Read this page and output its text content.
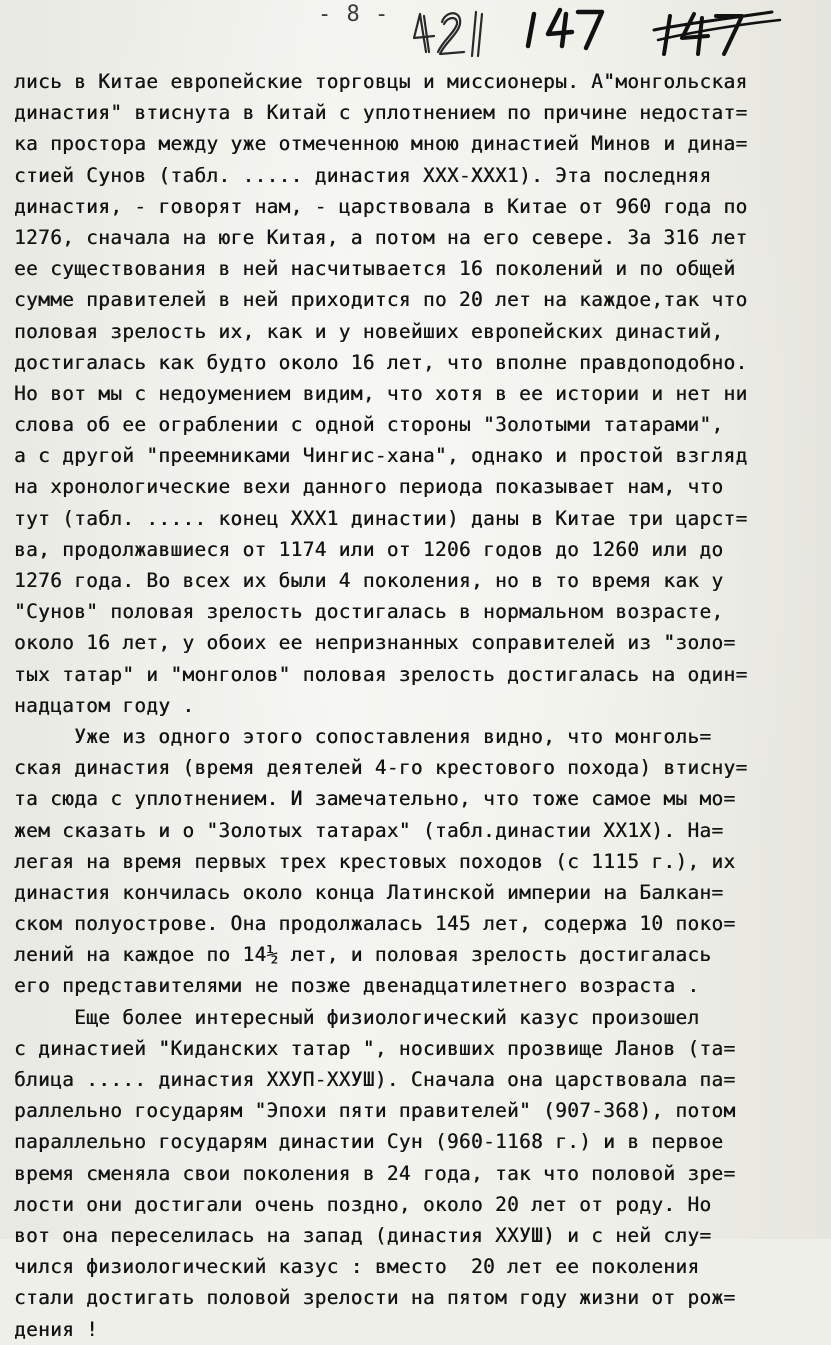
- 8 -
лись в Китае европейские торговцы и миссионеры. А"монгольская
династия" втиснута в Китай с уплотнением по причине недостат=
ка простора между уже отмеченною мною династией Минов и дина=
стией Сунов (табл. ..... династия XXX-XXX1). Эта последняя
династия, - говорят нам, - царствовала в Китае от 960 года по
1276, сначала на юге Китая, а потом на его севере. За 316 лет
ее существования в ней насчитывается 16 поколений и по общей
сумме правителей в ней приходится по 20 лет на каждое,так что
половая зрелость их, как и у новейших европейских династий,
достигалась как будто около 16 лет, что вполне правдоподобно.
Но вот мы с недоумением видим, что хотя в ее истории и нет ни
слова об ее ограблении с одной стороны "Золотыми татарами",
а с другой "преемниками Чингис-хана", однако и простой взгляд
на хронологические вехи данного периода показывает нам, что
тут (табл. ..... конец XXX1 династии) даны в Китае три царст=
ва, продолжавшиеся от 1174 или от 1206 годов до 1260 или до
1276 года. Во всех их были 4 поколения, но в то время как у
"Сунов" половая зрелость достигалась в нормальном возрасте,
около 16 лет, у обоих ее непризнанных соправителей из "золо=
тых татар" и "монголов" половая зрелость достигалась на один=
надцатом году .
Уже из одного этого сопоставления видно, что монголь=
ская династия (время деятелей 4-го крестового похода) втисну=
та сюда с уплотнением. И замечательно, что тоже самое мы мо=
жем сказать и о "Золотых татарах" (табл.династии XX1X). На=
легая на время первых трех крестовых походов (с 1115 г.), их
династия кончилась около конца Латинской империи на Балкан=
ском полуострове. Она продолжалась 145 лет, содержа 10 поко=
лений на каждое по 14½ лет, и половая зрелость достигалась
его представителями не позже двенадцатилетнего возраста .
Еще более интересный физиологический казус произошел
с династией "Киданских татар ", носивших прозвище Ланов (та=
блица ..... династия XXУП-XXУШ). Сначала она царствовала па=
раллельно государям "Эпохи пяти правителей" (907-368), потом
параллельно государям династии Сун (960-1168 г.) и в первое
время сменяла свои поколения в 24 года, так что половой зре=
лости они достигали очень поздно, около 20 лет от роду. Но
вот она переселилась на запад (династия XXУШ) и с ней слу=
чился физиологический казус : вместо  20 лет ее поколения
стали достигать половой зрелости на пятом году жизни от рож=
дения !
